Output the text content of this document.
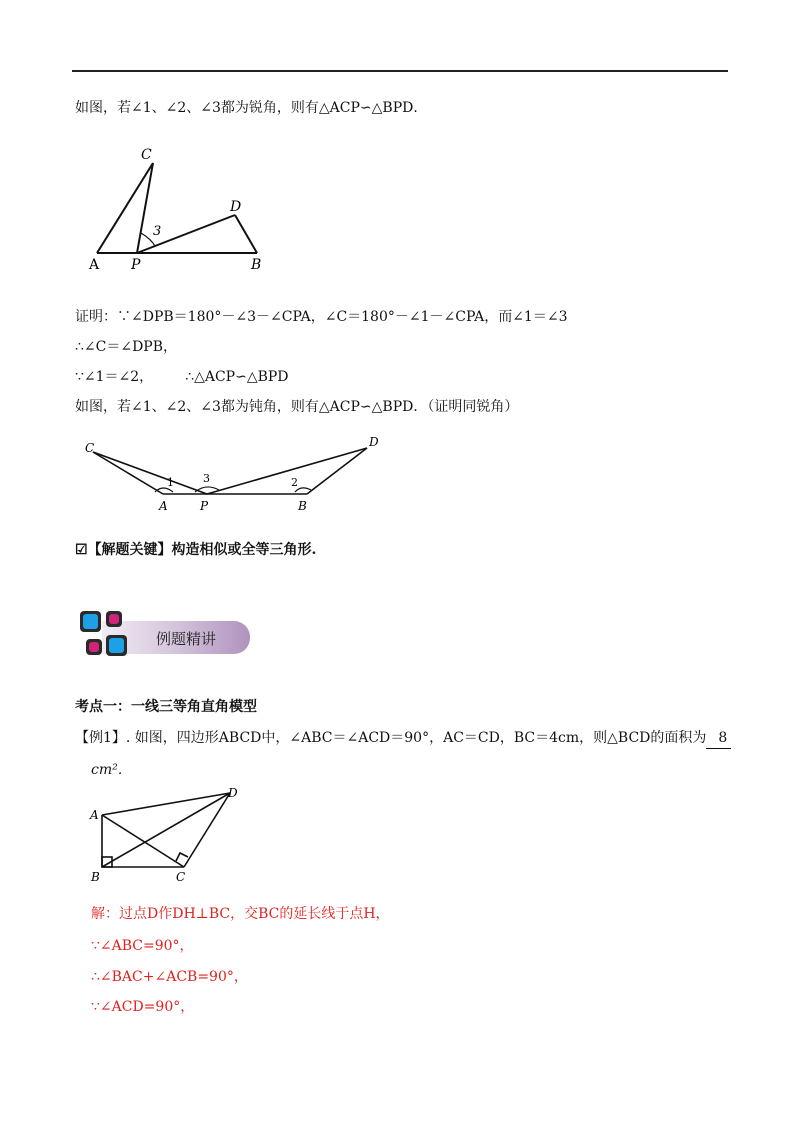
如图，若∠1、∠2、∠3都为锐角，则有△ACP∽△BPD．
A P	B
C
D
3
证明：∵∠DPB＝180°－∠3－∠CPA，∠C＝180°－∠1－∠CPA，而∠1＝∠3
∴∠C＝∠DPB，
∵∠1＝∠2， ∴△ACP∽△BPD
如图，若∠1、∠2、∠3都为钝角，则有△ACP∽△BPD．（证明同锐角）
C	D
A	P	B
1	3	2
☑【解题关键】构造相似或全等三角形.
例题精讲
考点一：一线三等角直角模型
【例1】. 如图，四边形ABCD中，∠ABC＝∠ACD＝90°，AC＝CD，BC＝4cm，则△BCD的面积为 8
cm²．
A
B	C
D
解：过点D作DH⊥BC，交BC的延长线于点H，
∵∠ABC=90°，
∴∠BAC+∠ACB=90°，
∵∠ACD=90°，
